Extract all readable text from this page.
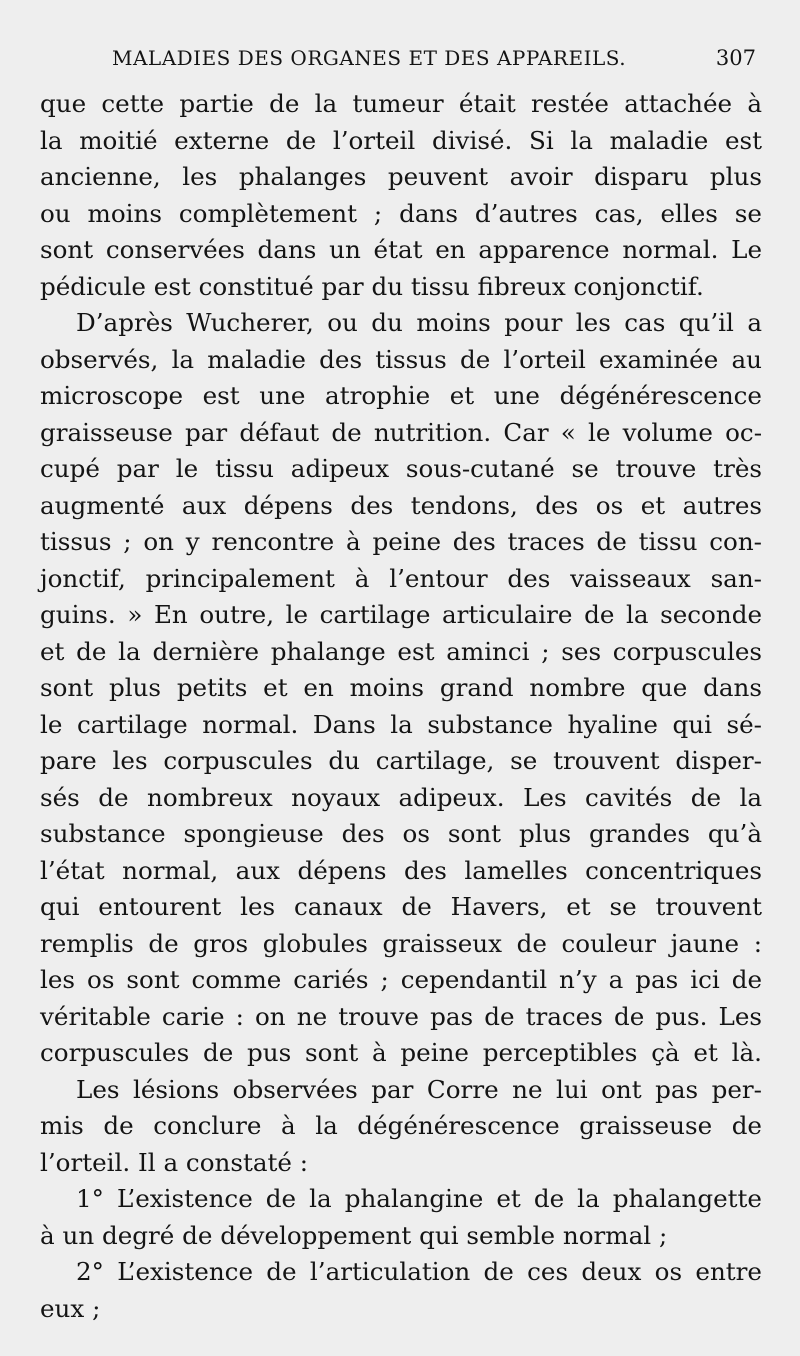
MALADIES DES ORGANES ET DES APPAREILS.	307
que cette partie de la tumeur était restée attachée à
la moitié externe de l’orteil divisé. Si la maladie est
ancienne, les phalanges peuvent avoir disparu plus
ou moins complètement ; dans d’autres cas, elles se
sont conservées dans un état en apparence normal. Le
pédicule est constitué par du tissu fibreux conjonctif.
D’après Wucherer, ou du moins pour les cas qu’il a
observés, la maladie des tissus de l’orteil examinée au
microscope est une atrophie et une dégénérescence
graisseuse par défaut de nutrition. Car « le volume oc-
cupé par le tissu adipeux sous-cutané se trouve très
augmenté aux dépens des tendons, des os et autres
tissus ; on y rencontre à peine des traces de tissu con-
jonctif, principalement à l’entour des vaisseaux san-
guins. » En outre, le cartilage articulaire de la seconde
et de la dernière phalange est aminci ; ses corpuscules
sont plus petits et en moins grand nombre que dans
le cartilage normal. Dans la substance hyaline qui sé-
pare les corpuscules du cartilage, se trouvent disper-
sés de nombreux noyaux adipeux. Les cavités de la
substance spongieuse des os sont plus grandes qu’à
l’état normal, aux dépens des lamelles concentriques
qui entourent les canaux de Havers, et se trouvent
remplis de gros globules graisseux de couleur jaune :
les os sont comme cariés ; cependantil n’y a pas ici de
véritable carie : on ne trouve pas de traces de pus. Les
corpuscules de pus sont à peine perceptibles çà et là.
Les lésions observées par Corre ne lui ont pas per-
mis de conclure à la dégénérescence graisseuse de
l’orteil. Il a constaté :
1° L’existence de la phalangine et de la phalangette
à un degré de développement qui semble normal ;
2° L’existence de l’articulation de ces deux os entre
eux ;
